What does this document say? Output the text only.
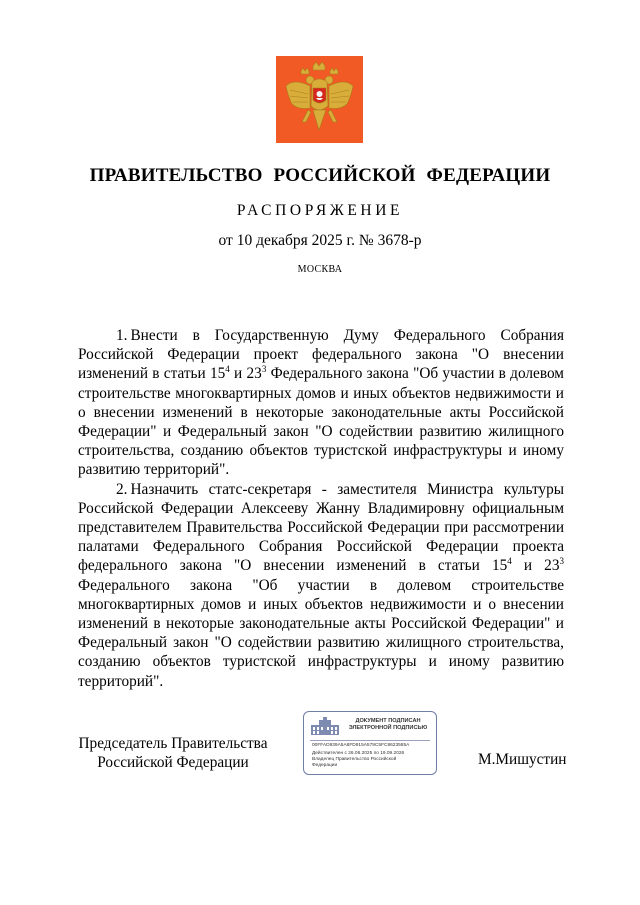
ПРАВИТЕЛЬСТВО РОССИЙСКОЙ ФЕДЕРАЦИИ
РАСПОРЯЖЕНИЕ
от 10 декабря 2025 г. № 3678-р
МОСКВА

1. Внести в Государственную Думу Федерального Собрания Российской Федерации проект федерального закона "О внесении изменений в статьи $15^4$ и $23^3$ Федерального закона "Об участии в долевом строительстве многоквартирных домов и иных объектов недвижимости и о внесении изменений в некоторые законодательные акты Российской Федерации" и Федеральный закон "О содействии развитию жилищного строительства, созданию объектов туристской инфраструктуры и иному развитию территорий".

2. Назначить статс-секретаря - заместителя Министра культуры Российской Федерации Алексееву Жанну Владимировну официальным представителем Правительства Российской Федерации при рассмотрении палатами Федерального Собрания Российской Федерации проекта федерального закона "О внесении изменений в статьи $15^4$ и $23^3$ Федерального закона "Об участии в долевом строительстве многоквартирных домов и иных объектов недвижимости и о внесении изменений в некоторые законодательные акты Российской Федерации" и Федеральный закон "О содействии развитию жилищного строительства, созданию объектов туристской инфраструктуры и иному развитию территорий".

Председатель Правительства
Российской Федерации
ДОКУМЕНТ ПОДПИСАН
ЭЛЕКТРОННОЙ ПОДПИСЬЮ
00FFAD939A5A8FD915A579C5FC8623585A
Действителен с 26.06.2025 по 19.09.2026
Владелец Правительство Российской
Федерации	М.Мишустин
